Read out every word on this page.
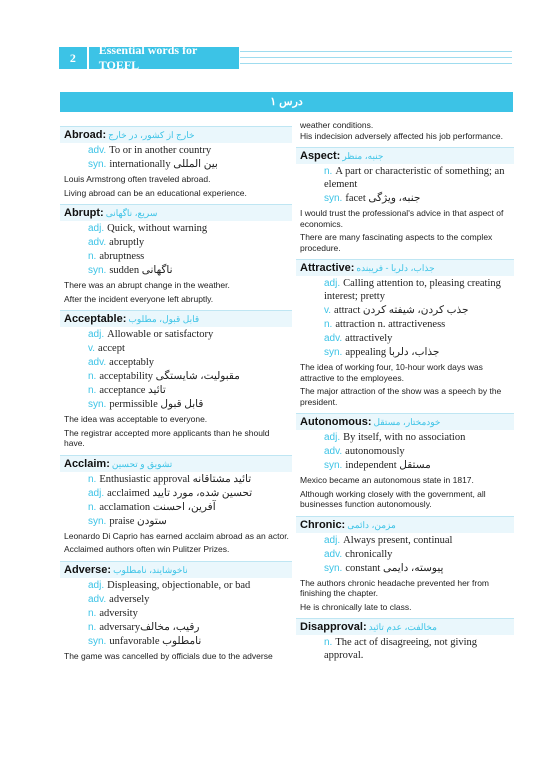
2
Essential words for TOEFL
درس ۱
Abroad: خارج از کشور، در خارج
adv. To or in another country
syn. internationally بین المللی
Louis Armstrong often traveled abroad.
Living abroad can be an educational experience.
Abrupt: سریع، ناگهانی
adj. Quick, without warning
adv. abruptly
n. abruptness
syn. sudden ناگهانی
There was an abrupt change in the weather.
After the incident everyone left abruptly.
Acceptable: قابل قبول، مطلوب
adj. Allowable or satisfactory
v. accept
adv. acceptably
n. acceptability مقبولیت، شایستگی
n. acceptance تائید
syn. permissible قابل قبول
The idea was acceptable to everyone.
The registrar accepted more applicants than he should have.
Acclaim: تشویق و تحسین
n. Enthusiastic approval تائید مشتاقانه
adj. acclaimed تحسین شده، مورد تایید
n. acclamation آفرین، احسنت
syn. praise ستودن
Leonardo Di Caprio has earned acclaim abroad as an actor.
Acclaimed authors often win Pulitzer Prizes.
Adverse: ناخوشایند، نامطلوب
adj. Displeasing, objectionable, or bad
adv. adversely
n. adversity
n. adversaryرقیب، مخالف
syn. unfavorable نامطلوب
The game was cancelled by officials due to the adverse
weather conditions.
His indecision adversely affected his job performance.
Aspect: جنبه، منظر
n. A part or characteristic of something; an element
syn. facet جنبه، ویژگی
I would trust the professional's advice in that aspect of economics.
There are many fascinating aspects to the complex procedure.
Attractive: جذاب، دلربا - فریبنده
adj. Calling attention to, pleasing creating interest; pretty
v. attract جذب کردن، شیفته کردن
n. attraction n. attractiveness
adv. attractively
syn. appealing جذاب، دلربا
The idea of working four, 10-hour work days was attractive to the employees.
The major attraction of the show was a speech by the president.
Autonomous: خودمختار، مستقل
adj. By itself, with no association
adv. autonomously
syn. independent مستقل
Mexico became an autonomous state in 1817.
Although working closely with the government, all businesses function autonomously.
Chronic: مزمن، دائمی
adj. Always present, continual
adv. chronically
syn. constant پیوسته، دایمی
The authors chronic headache prevented her from finishing the chapter.
He is chronically late to class.
Disapproval: مخالفت، عدم تائید
n. The act of disagreeing, not giving approval.
